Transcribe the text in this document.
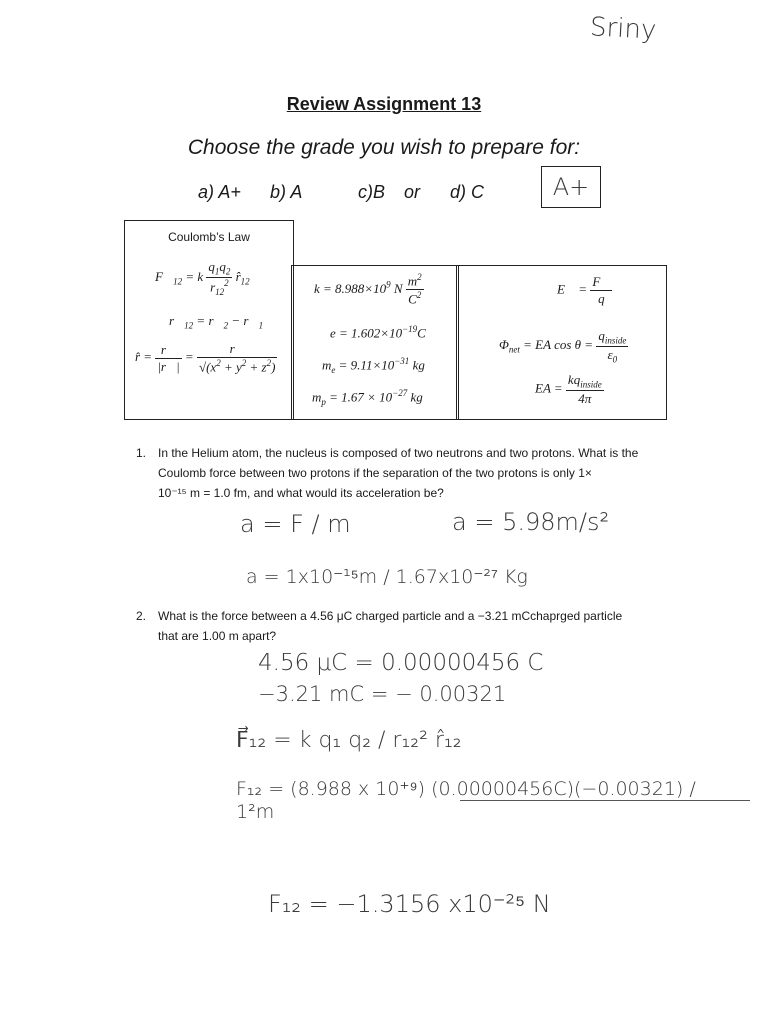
Sriny
Review Assignment 13
Choose the grade you wish to prepare for:
a) A+ b) A	c)B or d) C	A+
Coulomb’s Law
$F⃗_{12} = k \frac{q_1q_2}{r_{12}^2}$ $r̂_{12}$
$r⃗_{12}$ = $r⃗_2$ − $r⃗_1$
r̂ = $\frac{r⃗}{|r⃗|} = \frac{r⃗}{√(x^2 + y^2 + z^2)}$
$k = 8.988\times 10^9$ N $\frac{m^2}{C^2}$
$e = 1.602\times 10^{-19}C$
$m_e = 9.11\times 10^{-31}$ kg
$m_p = 1.67 \times 10^{-27}$ kg
E⃗ = $\frac{F⃗}{q}$
$\Phi_{net}$ = EA $\cos \theta = \frac{q_{inside}}{\varepsilon_0}$
EA = $\frac{kq_{inside}}{4\pi}$
1. In the Helium atom, the nucleus is composed of two neutrons and two protons. What is the
Coulomb force between two protons if the separation of the two protons is only 1×
10⁻¹⁵ m = 1.0 fm, and what would its acceleration be?
a = F / m	a = 5.98m/s²
a = 1x10⁻¹⁵m / 1.67x10⁻²⁷ Kg
2. What is the force between a 4.56 μC charged particle and a −3.21 mCchaprged particle
that are 1.00 m apart?
4.56 μC = 0.00000456 C
−3.21 mC = − 0.00321
F⃗₁₂ = k q₁ q₂ / r₁₂² r̂₁₂
F₁₂ = (8.988 x 10⁺⁹) (0.00000456C)(−0.00321) / 1²m
F₁₂ = −1.3156 x10⁻²⁵ N
